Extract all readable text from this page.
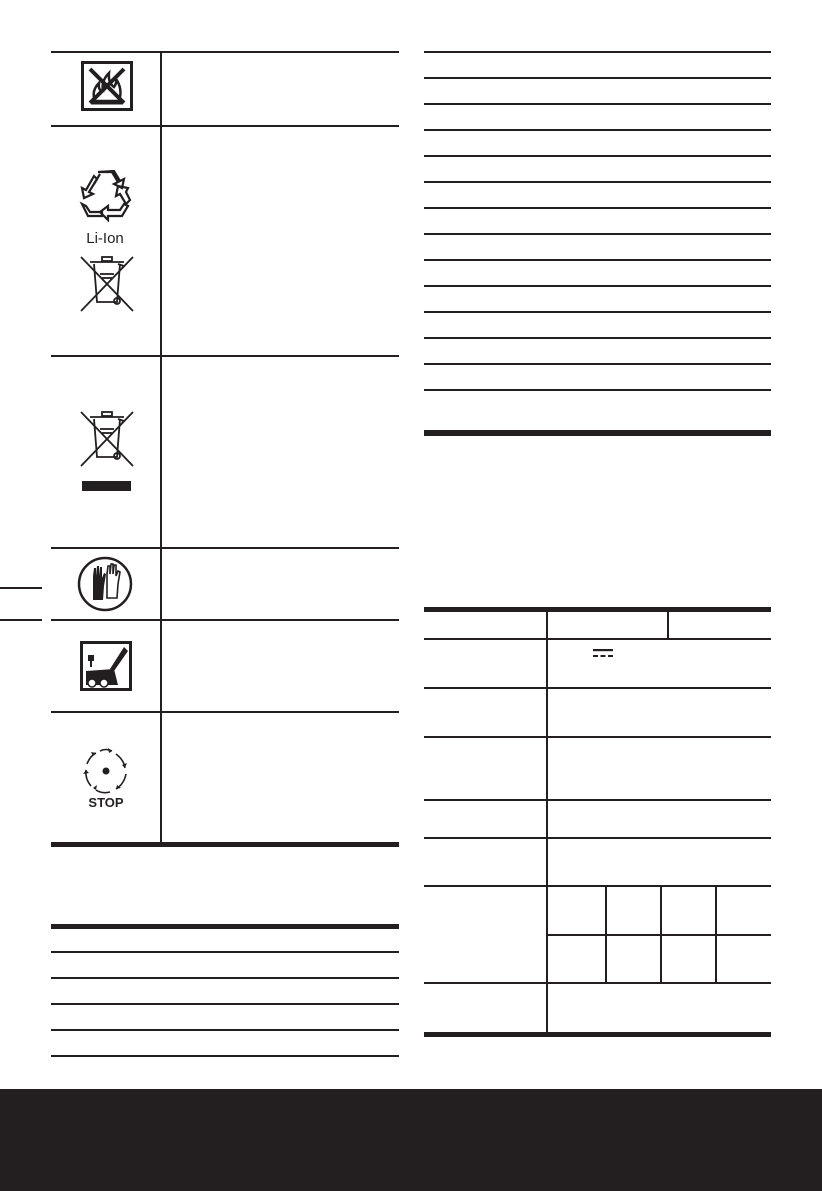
Li-Ion
STOP
